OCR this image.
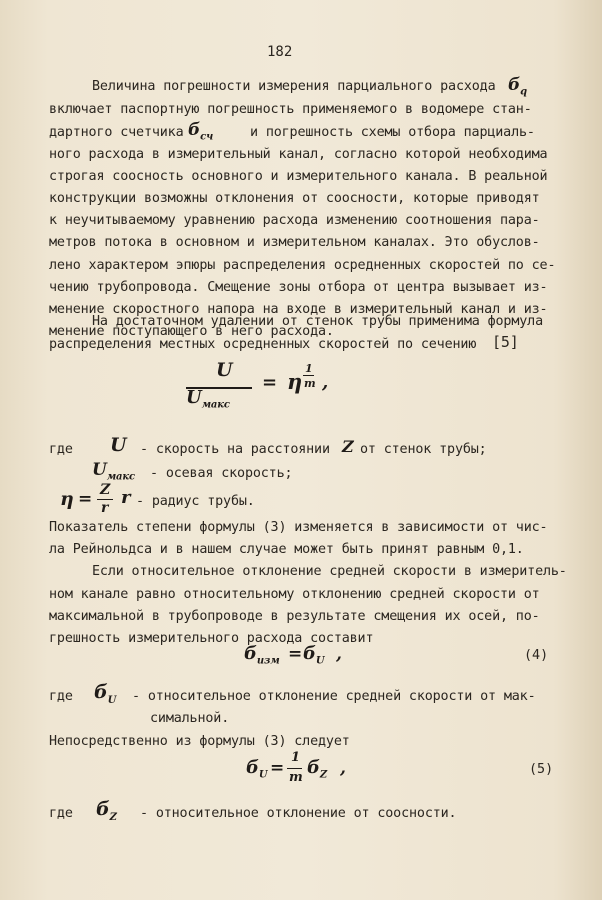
182
Величина погрешности измерения парциального расхода $б_q$
включает паспортную погрешность применяемого в водомере стан-
дартного счетчика $б_{сч}$	и погрешность схемы отбора парциаль-
ного расхода в измерительный канал, согласно которой необходима
строгая соосность основного и измерительного канала. В реальной
конструкции возможны отклонения от соосности, которые приводят
к неучитываемому уравнению расхода изменению соотношения пара-
метров потока в основном и измерительном каналах. Это обуслов-
лено характером эпюры распределения осредненных скоростей по се-
чению трубопровода. Смещение зоны отбора от центра вызывает из-
менение скоростного напора на входе в измерительный канал и из-
менение поступающего в него расхода.
На достаточном удалении от стенок трубы применима формула
распределения местных осредненных скоростей по сечению [5]
U
$U_{макс}$
= η
1
m ,
где U - скорость на расстоянии Z от стенок трубы;
$U_{макс}$ - осевая скорость;
η = Z
r r - радиус трубы.
Показатель степени формулы (3) изменяется в зависимости от чис-
ла Рейнольдса и в нашем случае может быть принят равным 0,1.
Если относительное отклонение средней скорости в измеритель-
ном канале равно относительному отклонению средней скорости от
максимальной в трубопроводе в результате смещения их осей, по-
грешность измерительного расхода составит
$б_{изм} = б_U$ ,	(4)
где $б_U$ - относительное отклонение средней скорости от мак-
симальной.
Непосредственно из формулы (3) следует
$б_U$ =
1
m $б_Z$ ,	(5)
где $б_Z$ - относительное отклонение от соосности.
